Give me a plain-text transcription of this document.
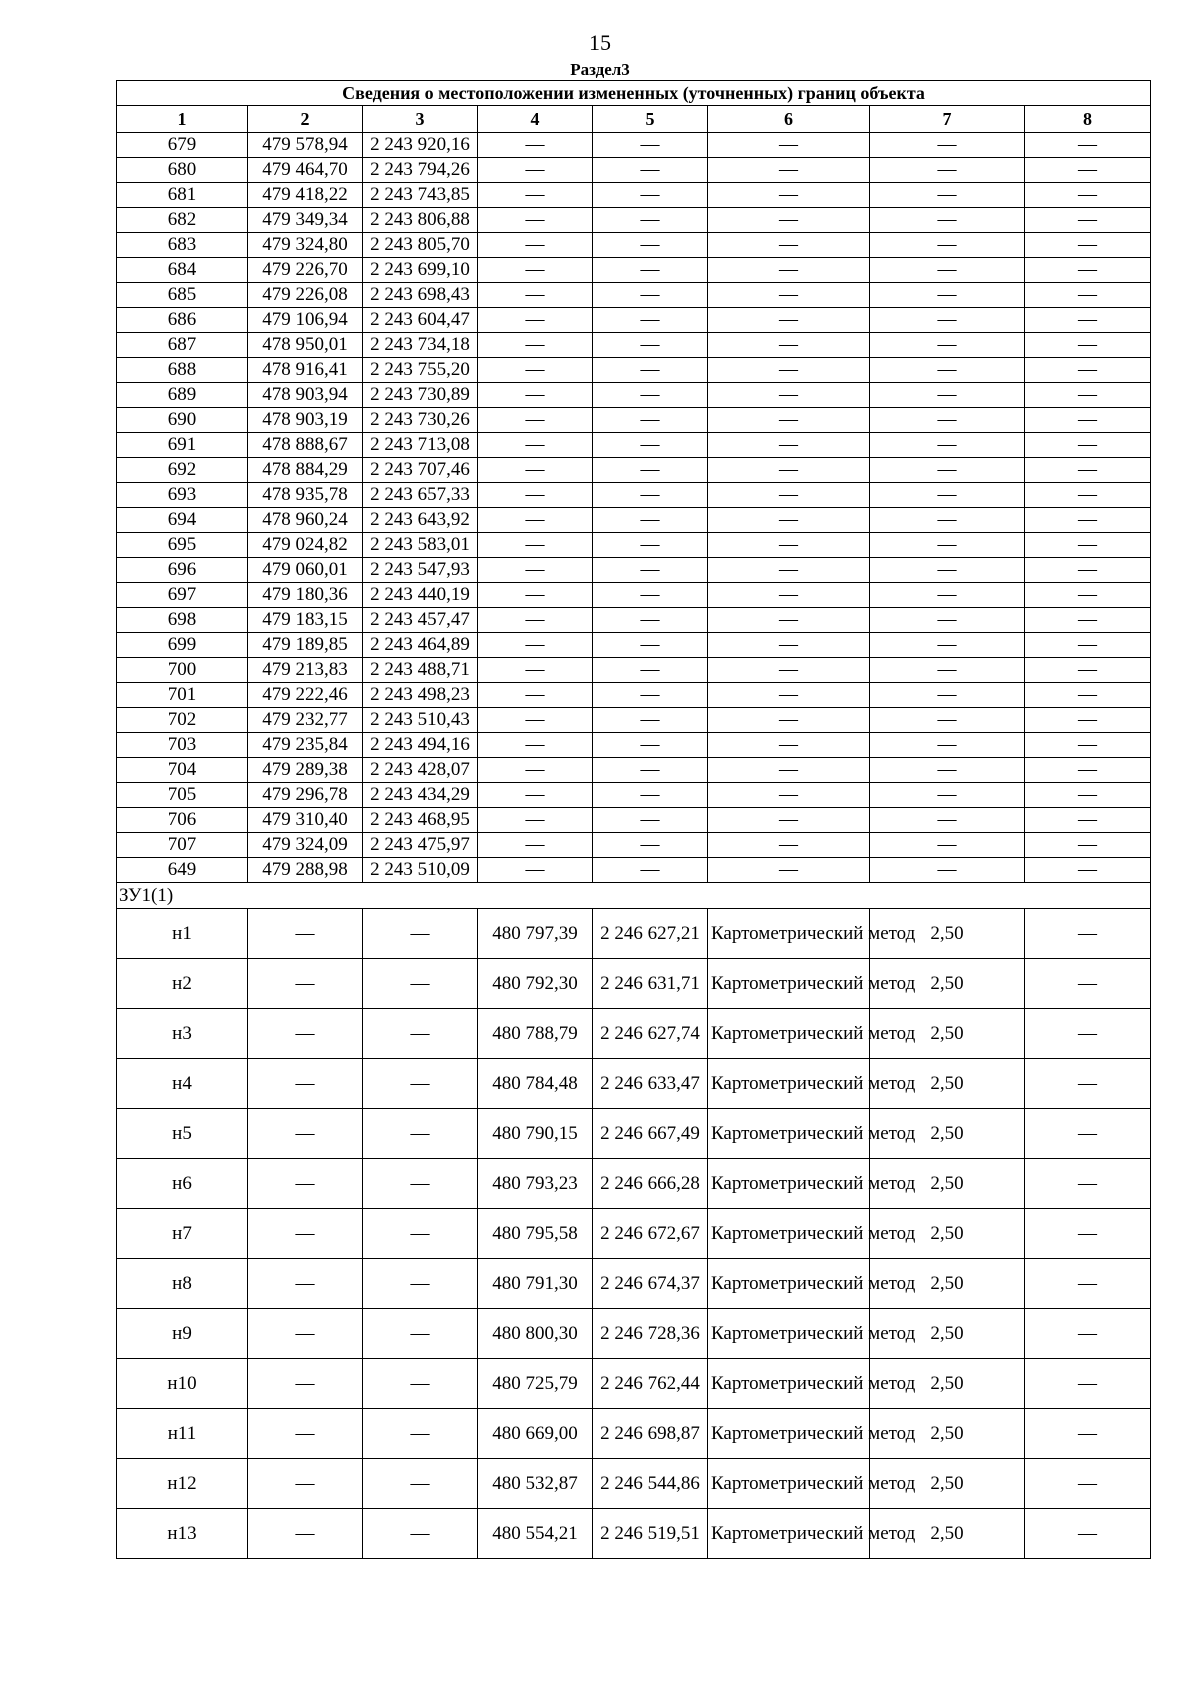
15
Раздел3
Сведения о местоположении измененных (уточненных) границ объекта							
1	2	3	4	5	6	7	8
679	479 578,94	2 243 920,16	—	—	—	—	—
680	479 464,70	2 243 794,26	—	—	—	—	—
681	479 418,22	2 243 743,85	—	—	—	—	—
682	479 349,34	2 243 806,88	—	—	—	—	—
683	479 324,80	2 243 805,70	—	—	—	—	—
684	479 226,70	2 243 699,10	—	—	—	—	—
685	479 226,08	2 243 698,43	—	—	—	—	—
686	479 106,94	2 243 604,47	—	—	—	—	—
687	478 950,01	2 243 734,18	—	—	—	—	—
688	478 916,41	2 243 755,20	—	—	—	—	—
689	478 903,94	2 243 730,89	—	—	—	—	—
690	478 903,19	2 243 730,26	—	—	—	—	—
691	478 888,67	2 243 713,08	—	—	—	—	—
692	478 884,29	2 243 707,46	—	—	—	—	—
693	478 935,78	2 243 657,33	—	—	—	—	—
694	478 960,24	2 243 643,92	—	—	—	—	—
695	479 024,82	2 243 583,01	—	—	—	—	—
696	479 060,01	2 243 547,93	—	—	—	—	—
697	479 180,36	2 243 440,19	—	—	—	—	—
698	479 183,15	2 243 457,47	—	—	—	—	—
699	479 189,85	2 243 464,89	—	—	—	—	—
700	479 213,83	2 243 488,71	—	—	—	—	—
701	479 222,46	2 243 498,23	—	—	—	—	—
702	479 232,77	2 243 510,43	—	—	—	—	—
703	479 235,84	2 243 494,16	—	—	—	—	—
704	479 289,38	2 243 428,07	—	—	—	—	—
705	479 296,78	2 243 434,29	—	—	—	—	—
706	479 310,40	2 243 468,95	—	—	—	—	—
707	479 324,09	2 243 475,97	—	—	—	—	—
649	479 288,98	2 243 510,09	—	—	—	—	—
ЗУ1(1)							
н1	—	—	480 797,39	2 246 627,21	Картометрический метод	2,50	—
н2	—	—	480 792,30	2 246 631,71	Картометрический метод	2,50	—
н3	—	—	480 788,79	2 246 627,74	Картометрический метод	2,50	—
н4	—	—	480 784,48	2 246 633,47	Картометрический метод	2,50	—
н5	—	—	480 790,15	2 246 667,49	Картометрический метод	2,50	—
н6	—	—	480 793,23	2 246 666,28	Картометрический метод	2,50	—
н7	—	—	480 795,58	2 246 672,67	Картометрический метод	2,50	—
н8	—	—	480 791,30	2 246 674,37	Картометрический метод	2,50	—
н9	—	—	480 800,30	2 246 728,36	Картометрический метод	2,50	—
н10	—	—	480 725,79	2 246 762,44	Картометрический метод	2,50	—
н11	—	—	480 669,00	2 246 698,87	Картометрический метод	2,50	—
н12	—	—	480 532,87	2 246 544,86	Картометрический метод	2,50	—
н13	—	—	480 554,21	2 246 519,51	Картометрический метод	2,50	—
